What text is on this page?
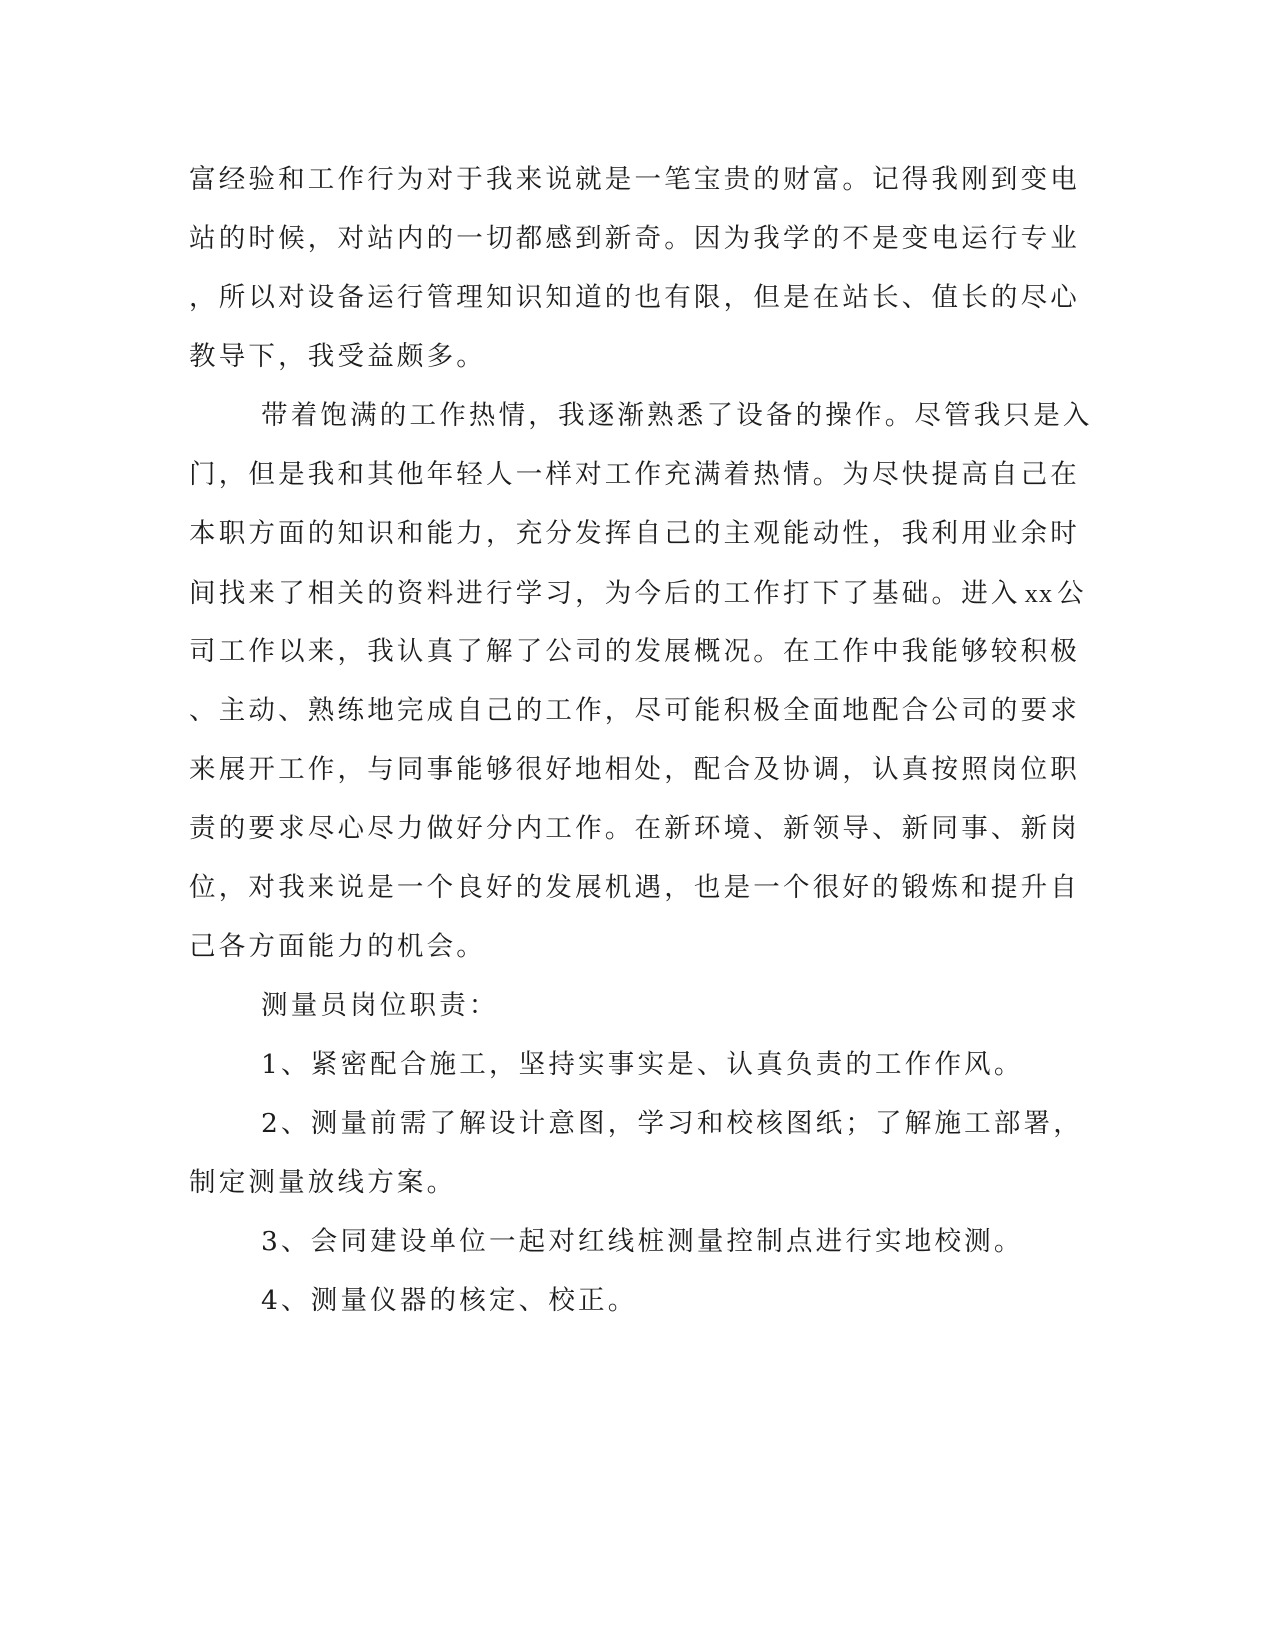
富经验和工作行为对于我来说就是一笔宝贵的财富。记得我刚到变电
站的时候，对站内的一切都感到新奇。因为我学的不是变电运行专业
，所以对设备运行管理知识知道的也有限，但是在站长、值长的尽心
教导下，我受益颇多。
带着饱满的工作热情，我逐渐熟悉了设备的操作。尽管我只是入
门，但是我和其他年轻人一样对工作充满着热情。为尽快提高自己在
本职方面的知识和能力，充分发挥自己的主观能动性，我利用业余时
间找来了相关的资料进行学习，为今后的工作打下了基础。进入 xx 公
司工作以来，我认真了解了公司的发展概况。在工作中我能够较积极
、主动、熟练地完成自己的工作，尽可能积极全面地配合公司的要求
来展开工作，与同事能够很好地相处，配合及协调，认真按照岗位职
责的要求尽心尽力做好分内工作。在新环境、新领导、新同事、新岗
位，对我来说是一个良好的发展机遇，也是一个很好的锻炼和提升自
己各方面能力的机会。
测量员岗位职责：
1、紧密配合施工，坚持实事实是、认真负责的工作作风。
2、测量前需了解设计意图，学习和校核图纸；了解施工部署，
制定测量放线方案。
3、会同建设单位一起对红线桩测量控制点进行实地校测。
4、测量仪器的核定、校正。
